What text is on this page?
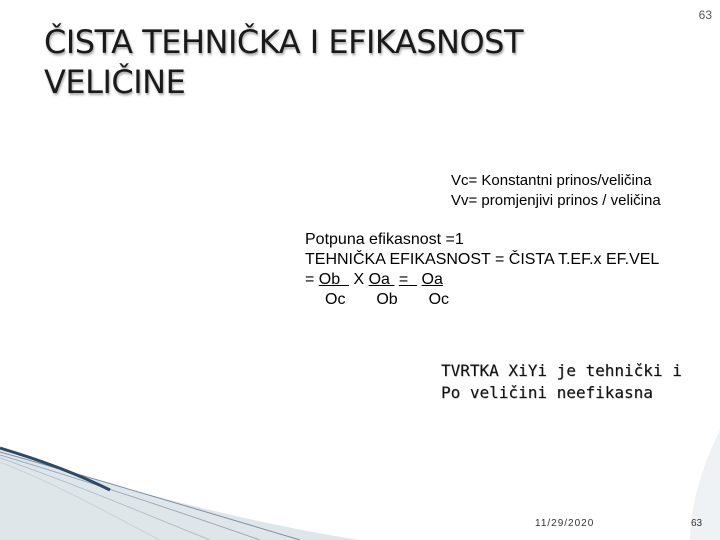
63
ČISTA TEHNIČKA I EFIKASNOST
VELIČINE
Vc= Konstantni prinos/veličina
Vv= promjenjivi prinos / veličina
Potpuna efikasnost =1
TEHNIČKA EFIKASNOST = ČISTA T.EF.x EF.VEL
= Ob X Oa = Oa
Oc Ob Oc
TVRTKA XiYi je tehnički i
Po veličini neefikasna
11/29/2020	63
